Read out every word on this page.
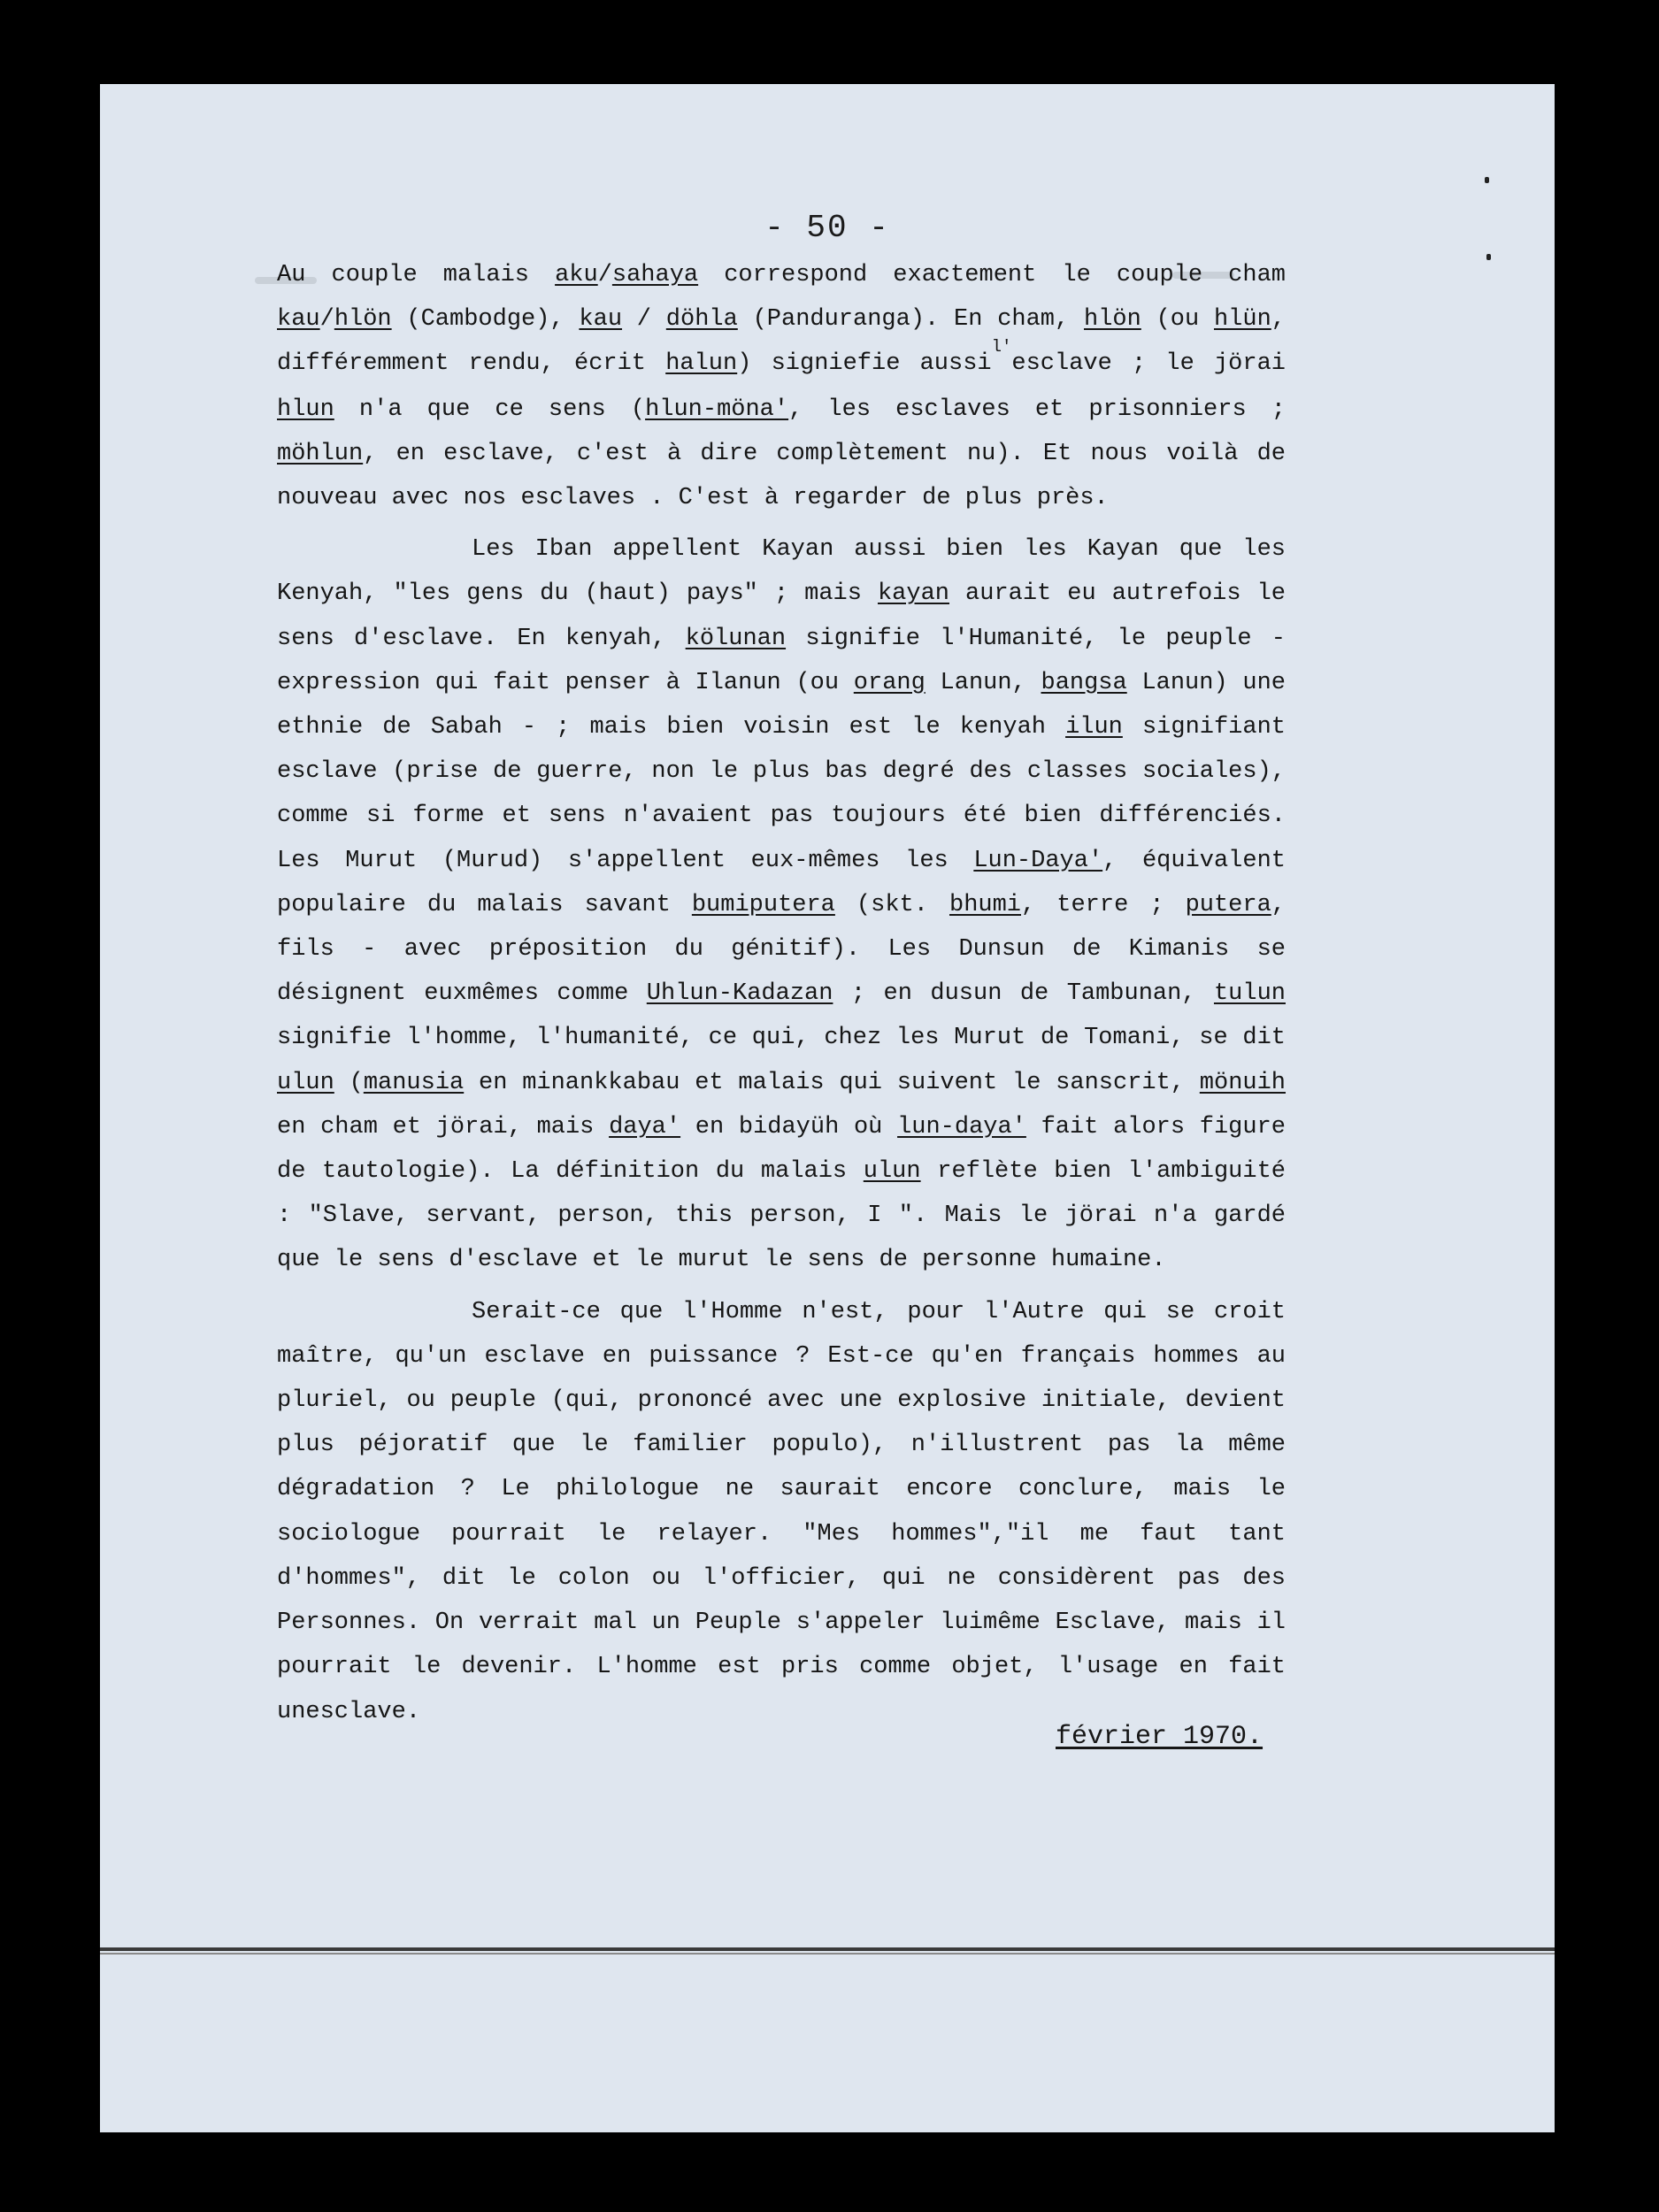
- 50 -

Au couple malais aku/sahaya correspond exactement le couple cham kau/hlön (Cambodge), kau / döhla (Panduranga). En cham, hlön (ou hlün, différemment rendu, écrit halun) signiefie aussi$^{l'}$esclave ; le jörai hlun n'a que ce sens (hlun-möna', les esclaves et prisonniers ; möhlun, en esclave, c'est à dire complètement nu). Et nous voilà de nouveau avec nos esclaves . C'est à regarder de plus près.

Les Iban appellent Kayan aussi bien les Kayan que les Kenyah, "les gens du (haut) pays" ; mais kayan aurait eu autrefois le sens d'esclave. En kenyah, kölunan signifie l'Humanité, le peuple -expression qui fait penser à Ilanun (ou orang Lanun, bangsa Lanun) une ethnie de Sabah - ; mais bien voisin est le kenyah ilun signifiant esclave (prise de guerre, non le plus bas degré des classes sociales), comme si forme et sens n'avaient pas toujours été bien différenciés. Les Murut (Murud) s'appellent eux-mêmes les Lun-Daya', équivalent populaire du malais savant bumiputera (skt. bhumi, terre ; putera, fils - avec préposition du génitif). Les Dunsun de Kimanis se désignent euxmêmes comme Uhlun-Kadazan ; en dusun de Tambunan, tulun signifie l'homme, l'humanité, ce qui, chez les Murut de Tomani, se dit ulun (manusia en minankkabau et malais qui suivent le sanscrit, mönuih en cham et jörai, mais daya' en bidayüh où lun-daya' fait alors figure de tautologie). La définition du malais ulun reflète bien l'ambiguité : "Slave, servant, person, this person, I ". Mais le jörai n'a gardé que le sens d'esclave et le murut le sens de personne humaine.

Serait-ce que l'Homme n'est, pour l'Autre qui se croit maître, qu'un esclave en puissance ? Est-ce qu'en français hommes au pluriel, ou peuple (qui, prononcé avec une explosive initiale, devient plus péjoratif que le familier populo), n'illustrent pas la même dégradation ? Le philologue ne saurait encore conclure, mais le sociologue pourrait le relayer. "Mes hommes","il me faut tant d'hommes", dit le colon ou l'officier, qui ne considèrent pas des Personnes. On verrait mal un Peuple s'appeler luimême Esclave, mais il pourrait le devenir. L'homme est pris comme objet, l'usage en fait unesclave.

février 1970.
